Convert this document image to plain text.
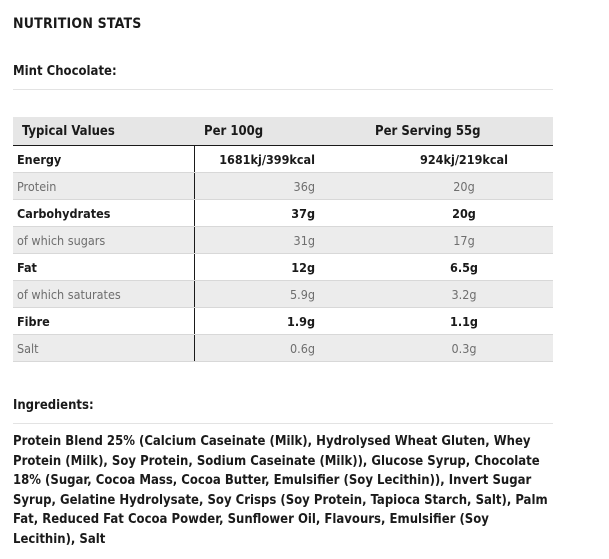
NUTRITION STATS
Mint Chocolate:
Typical Values	Per 100g	Per Serving 55g
Energy	1681kj/399kcal	924kj/219kcal
Protein	36g	20g
Carbohydrates	37g	20g
of which sugars	31g	17g
Fat	12g	6.5g
of which saturates	5.9g	3.2g
Fibre	1.9g	1.1g
Salt	0.6g	0.3g
Ingredients:

Protein Blend 25% (Calcium Caseinate (Milk), Hydrolysed Wheat Gluten, Whey Protein (Milk), Soy Protein, Sodium Caseinate (Milk)), Glucose Syrup, Chocolate 18% (Sugar, Cocoa Mass, Cocoa Butter, Emulsifier (Soy Lecithin)), Invert Sugar Syrup, Gelatine Hydrolysate, Soy Crisps (Soy Protein, Tapioca Starch, Salt), Palm Fat, Reduced Fat Cocoa Powder, Sunflower Oil, Flavours, Emulsifier (Soy Lecithin), Salt
